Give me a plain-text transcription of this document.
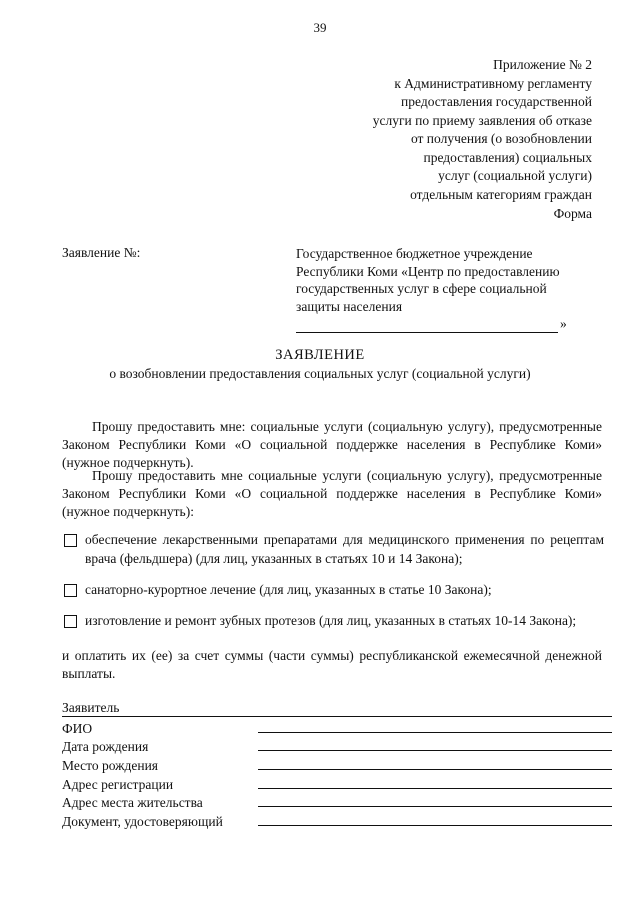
39
Приложение № 2
к Административному регламенту
предоставления государственной
услуги по приему заявления об отказе
от получения (о возобновлении
предоставления) социальных
услуг (социальной услуги)
отдельным категориям граждан
Форма
Заявление №:	Государственное бюджетное учреждение
Республики Коми «Центр по предоставлению
государственных услуг в сфере социальной
защиты населения
»
ЗАЯВЛЕНИЕ
о возобновлении предоставления социальных услуг (социальной услуги)

Прошу предоставить мне: социальные услуги (социальную услугу), предусмотренные Законом Республики Коми «О социальной поддержке населения в Республике Коми» (нужное подчеркнуть).

Прошу предоставить мне социальные услуги (социальную услугу), предусмотренные Законом Республики Коми «О социальной поддержке населения в Республике Коми» (нужное подчеркнуть):

обеспечение лекарственными препаратами для медицинского применения по рецептам врача (фельдшера) (для лиц, указанных в статьях 10 и 14 Закона);
санаторно-курортное лечение (для лиц, указанных в статье 10 Закона);
изготовление и ремонт зубных протезов (для лиц, указанных в статьях 10-14 Закона);
и оплатить их (ее) за счет суммы (части суммы) республиканской ежемесячной денежной выплаты.
Заявитель
ФИО
Дата рождения
Место рождения
Адрес регистрации
Адрес места жительства
Документ, удостоверяющий
